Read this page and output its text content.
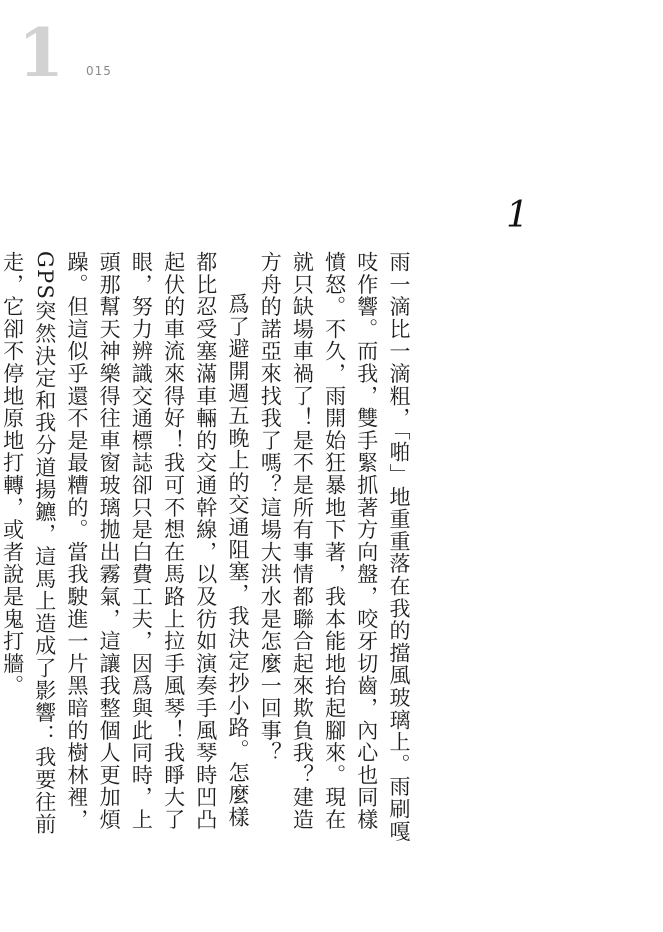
1 015
1

雨一滴比一滴粗，「啪」地重重落在我的擋風玻璃上。雨刷嘎吱作響。而我，雙手緊抓著方向盤，咬牙切齒，內心也同樣憤怒。不久，雨開始狂暴地下著，我本能地抬起腳來。現在就只缺場車禍了！是不是所有事情都聯合起來欺負我？建造方舟的諾亞來找我了嗎？這場大洪水是怎麼一回事？

爲了避開週五晚上的交通阻塞，我決定抄小路。怎麼樣都比忍受塞滿車輛的交通幹線，以及彷如演奏手風琴時凹凸起伏的車流來得好！我可不想在馬路上拉手風琴！我睜大了眼，努力辨識交通標誌卻只是白費工夫，因爲與此同時，上頭那幫天神樂得往車窗玻璃拋出霧氣，這讓我整個人更加煩躁。但這似乎還不是最糟的。當我駛進一片黑暗的樹林裡，GPS突然決定和我分道揚鑣，這馬上造成了影響：我要往前走，它卻不停地原地打轉，或者說是鬼打牆。
